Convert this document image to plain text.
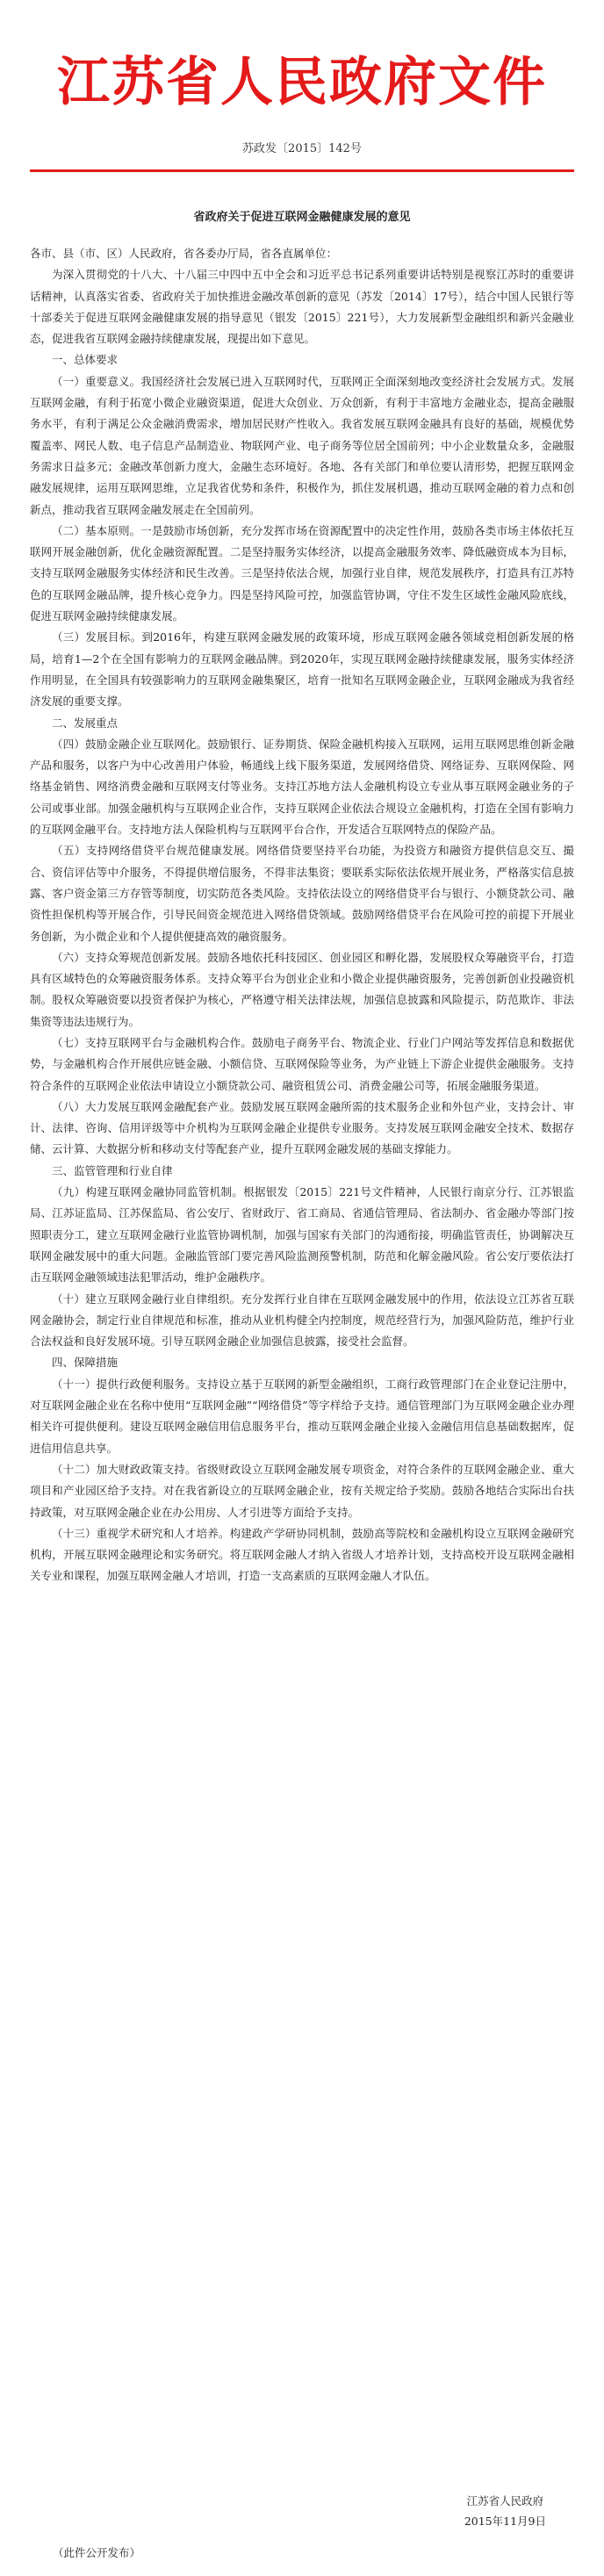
江苏省人民政府文件
苏政发〔2015〕142号
省政府关于促进互联网金融健康发展的意见

各市、县（市、区）人民政府，省各委办厅局，省各直属单位：

为深入贯彻党的十八大、十八届三中四中五中全会和习近平总书记系列重要讲话特别是视察江苏时的重要讲话精神，认真落实省委、省政府关于加快推进金融改革创新的意见（苏发〔2014〕17号），结合中国人民银行等十部委关于促进互联网金融健康发展的指导意见（银发〔2015〕221号），大力发展新型金融组织和新兴金融业态，促进我省互联网金融持续健康发展，现提出如下意见。

一、总体要求

（一）重要意义。我国经济社会发展已进入互联网时代，互联网正全面深刻地改变经济社会发展方式。发展互联网金融，有利于拓宽小微企业融资渠道，促进大众创业、万众创新，有利于丰富地方金融业态，提高金融服务水平，有利于满足公众金融消费需求，增加居民财产性收入。我省发展互联网金融具有良好的基础，规模优势覆盖率、网民人数、电子信息产品制造业、物联网产业、电子商务等位居全国前列；中小企业数量众多，金融服务需求日益多元；金融改革创新力度大，金融生态环境好。各地、各有关部门和单位要认清形势，把握互联网金融发展规律，运用互联网思维，立足我省优势和条件，积极作为，抓住发展机遇，推动互联网金融的着力点和创新点，推动我省互联网金融发展走在全国前列。

（二）基本原则。一是鼓励市场创新，充分发挥市场在资源配置中的决定性作用，鼓励各类市场主体依托互联网开展金融创新，优化金融资源配置。二是坚持服务实体经济，以提高金融服务效率、降低融资成本为目标，支持互联网金融服务实体经济和民生改善。三是坚持依法合规，加强行业自律，规范发展秩序，打造具有江苏特色的互联网金融品牌，提升核心竞争力。四是坚持风险可控，加强监管协调，守住不发生区域性金融风险底线，促进互联网金融持续健康发展。

（三）发展目标。到2016年，构建互联网金融发展的政策环境，形成互联网金融各领域竞相创新发展的格局，培育1—2个在全国有影响力的互联网金融品牌。到2020年，实现互联网金融持续健康发展，服务实体经济作用明显，在全国具有较强影响力的互联网金融集聚区，培育一批知名互联网金融企业，互联网金融成为我省经济发展的重要支撑。

二、发展重点

（四）鼓励金融企业互联网化。鼓励银行、证券期货、保险金融机构接入互联网，运用互联网思维创新金融产品和服务，以客户为中心改善用户体验，畅通线上线下服务渠道，发展网络借贷、网络证券、互联网保险、网络基金销售、网络消费金融和互联网支付等业务。支持江苏地方法人金融机构设立专业从事互联网金融业务的子公司或事业部。加强金融机构与互联网企业合作，支持互联网企业依法合规设立金融机构，打造在全国有影响力的互联网金融平台。支持地方法人保险机构与互联网平台合作，开发适合互联网特点的保险产品。

（五）支持网络借贷平台规范健康发展。网络借贷要坚持平台功能，为投资方和融资方提供信息交互、撮合、资信评估等中介服务，不得提供增信服务，不得非法集资；要联系实际依法依规开展业务，严格落实信息披露、客户资金第三方存管等制度，切实防范各类风险。支持依法设立的网络借贷平台与银行、小额贷款公司、融资性担保机构等开展合作，引导民间资金规范进入网络借贷领域。鼓励网络借贷平台在风险可控的前提下开展业务创新，为小微企业和个人提供便捷高效的融资服务。

（六）支持众筹规范创新发展。鼓励各地依托科技园区、创业园区和孵化器，发展股权众筹融资平台，打造具有区域特色的众筹融资服务体系。支持众筹平台为创业企业和小微企业提供融资服务，完善创新创业投融资机制。股权众筹融资要以投资者保护为核心，严格遵守相关法律法规，加强信息披露和风险提示，防范欺诈、非法集资等违法违规行为。

（七）支持互联网平台与金融机构合作。鼓励电子商务平台、物流企业、行业门户网站等发挥信息和数据优势，与金融机构合作开展供应链金融、小额信贷、互联网保险等业务，为产业链上下游企业提供金融服务。支持符合条件的互联网企业依法申请设立小额贷款公司、融资租赁公司、消费金融公司等，拓展金融服务渠道。

（八）大力发展互联网金融配套产业。鼓励发展互联网金融所需的技术服务企业和外包产业，支持会计、审计、法律、咨询、信用评级等中介机构为互联网金融企业提供专业服务。支持发展互联网金融安全技术、数据存储、云计算、大数据分析和移动支付等配套产业，提升互联网金融发展的基础支撑能力。

三、监管管理和行业自律

（九）构建互联网金融协同监管机制。根据银发〔2015〕221号文件精神，人民银行南京分行、江苏银监局、江苏证监局、江苏保监局、省公安厅、省财政厅、省工商局、省通信管理局、省法制办、省金融办等部门按照职责分工，建立互联网金融行业监管协调机制，加强与国家有关部门的沟通衔接，明确监管责任，协调解决互联网金融发展中的重大问题。金融监管部门要完善风险监测预警机制，防范和化解金融风险。省公安厅要依法打击互联网金融领域违法犯罪活动，维护金融秩序。

（十）建立互联网金融行业自律组织。充分发挥行业自律在互联网金融发展中的作用，依法设立江苏省互联网金融协会，制定行业自律规范和标准，推动从业机构健全内控制度，规范经营行为，加强风险防范，维护行业合法权益和良好发展环境。引导互联网金融企业加强信息披露，接受社会监督。

四、保障措施

（十一）提供行政便利服务。支持设立基于互联网的新型金融组织，工商行政管理部门在企业登记注册中，对互联网金融企业在名称中使用“互联网金融”“网络借贷”等字样给予支持。通信管理部门为互联网金融企业办理相关许可提供便利。建设互联网金融信用信息服务平台，推动互联网金融企业接入金融信用信息基础数据库，促进信用信息共享。

（十二）加大财政政策支持。省级财政设立互联网金融发展专项资金，对符合条件的互联网金融企业、重大项目和产业园区给予支持。对在我省新设立的互联网金融企业，按有关规定给予奖励。鼓励各地结合实际出台扶持政策，对互联网金融企业在办公用房、人才引进等方面给予支持。

（十三）重视学术研究和人才培养。构建政产学研协同机制，鼓励高等院校和金融机构设立互联网金融研究机构，开展互联网金融理论和实务研究。将互联网金融人才纳入省级人才培养计划，支持高校开设互联网金融相关专业和课程，加强互联网金融人才培训，打造一支高素质的互联网金融人才队伍。

江苏省人民政府
2015年11月9日
（此件公开发布）
